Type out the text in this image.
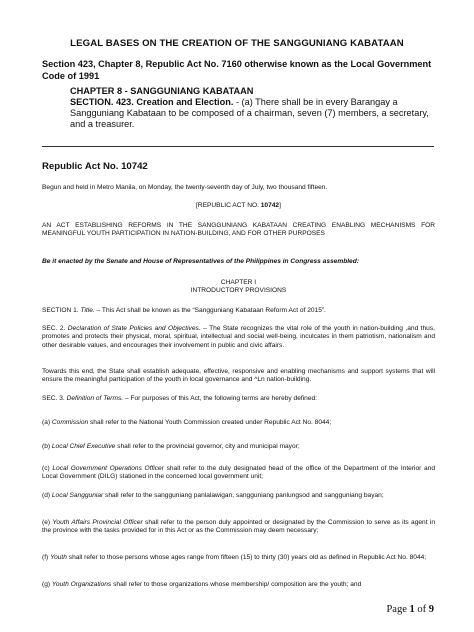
LEGAL BASES ON THE CREATION OF THE SANGGUNIANG KABATAAN
Section 423, Chapter 8, Republic Act No. 7160 otherwise known as the Local Government Code of 1991
CHAPTER 8 - SANGGUNIANG KABATAAN
SECTION. 423. Creation and Election. - (a) There shall be in every Barangay a Sangguniang Kabataan to be composed of a chairman, seven (7) members, a secretary, and a treasurer.
Republic Act No. 10742
Begun and held in Metro Manila, on Monday, the twenty-seventh day of July, two thousand fifteen.
[REPUBLIC ACT NO. 10742]
AN ACT ESTABLISHING REFORMS IN THE SANGGUNIANG KABATAAN CREATING ENABLING MECHANISMS FOR MEANINGFUL YOUTH PARTICIPATION IN NATION-BUILDING, AND FOR OTHER PURPOSES
Be it enacted by the Senate and House of Representatives of the Philippines in Congress assembled:
CHAPTER I
INTRODUCTORY PROVISIONS
SECTION 1. Title. – This Act shall be known as the “Sangguniang Kabataan Reform Act of 2015”.
SEC. 2. Declaration of State Policies and Objectives. – The State recognizes the vital role of the youth in nation-building ,and thus, promotes and protects their physical, moral, spiritual, intellectual and social well-being, inculcates in them patriotism, nationalism and other desirable values, and encourages their involvement in public and civic affairs.
Towards this end, the State shall establish adequate, effective, responsive and enabling mechanisms and support systems that will ensure the meaningful participation of the youth in local governance and ^Ln nation-building.
SEC. 3. Definition of Terms. – For purposes of this Act, the following terms are hereby defined:
(a) Commission shall refer to the National Youth Commission created under Republic Act No. 8044;
(b) Local Chief Executive shall refer to the provincial governor, city and municipal mayor;
(c) Local Government Operations Officer shall refer to the duly designated head of the office of the Department of the Interior and Local Government (DILG) stationed in the concerned local government unit;
(d) Local Sangguniar shall refer to the sangguniang panlalawigan, sangguniang panlungsod and sangguniang bayan;
(e) Youth Affairs Provincial Officer shall refer to the person duly appointed or designated by the Commission to serve as its agent in the province with the tasks provided for in this Act or as the Commission may deem necessary;
(f) Youth shall refer to those persons whose ages range from fifteen (15) to thirty (30) years old as defined in Republic Act No. 8044;
(g) Youth Organizations shall refer to those organizations whose membership/ composition are the youth; and
Page 1 of 9
